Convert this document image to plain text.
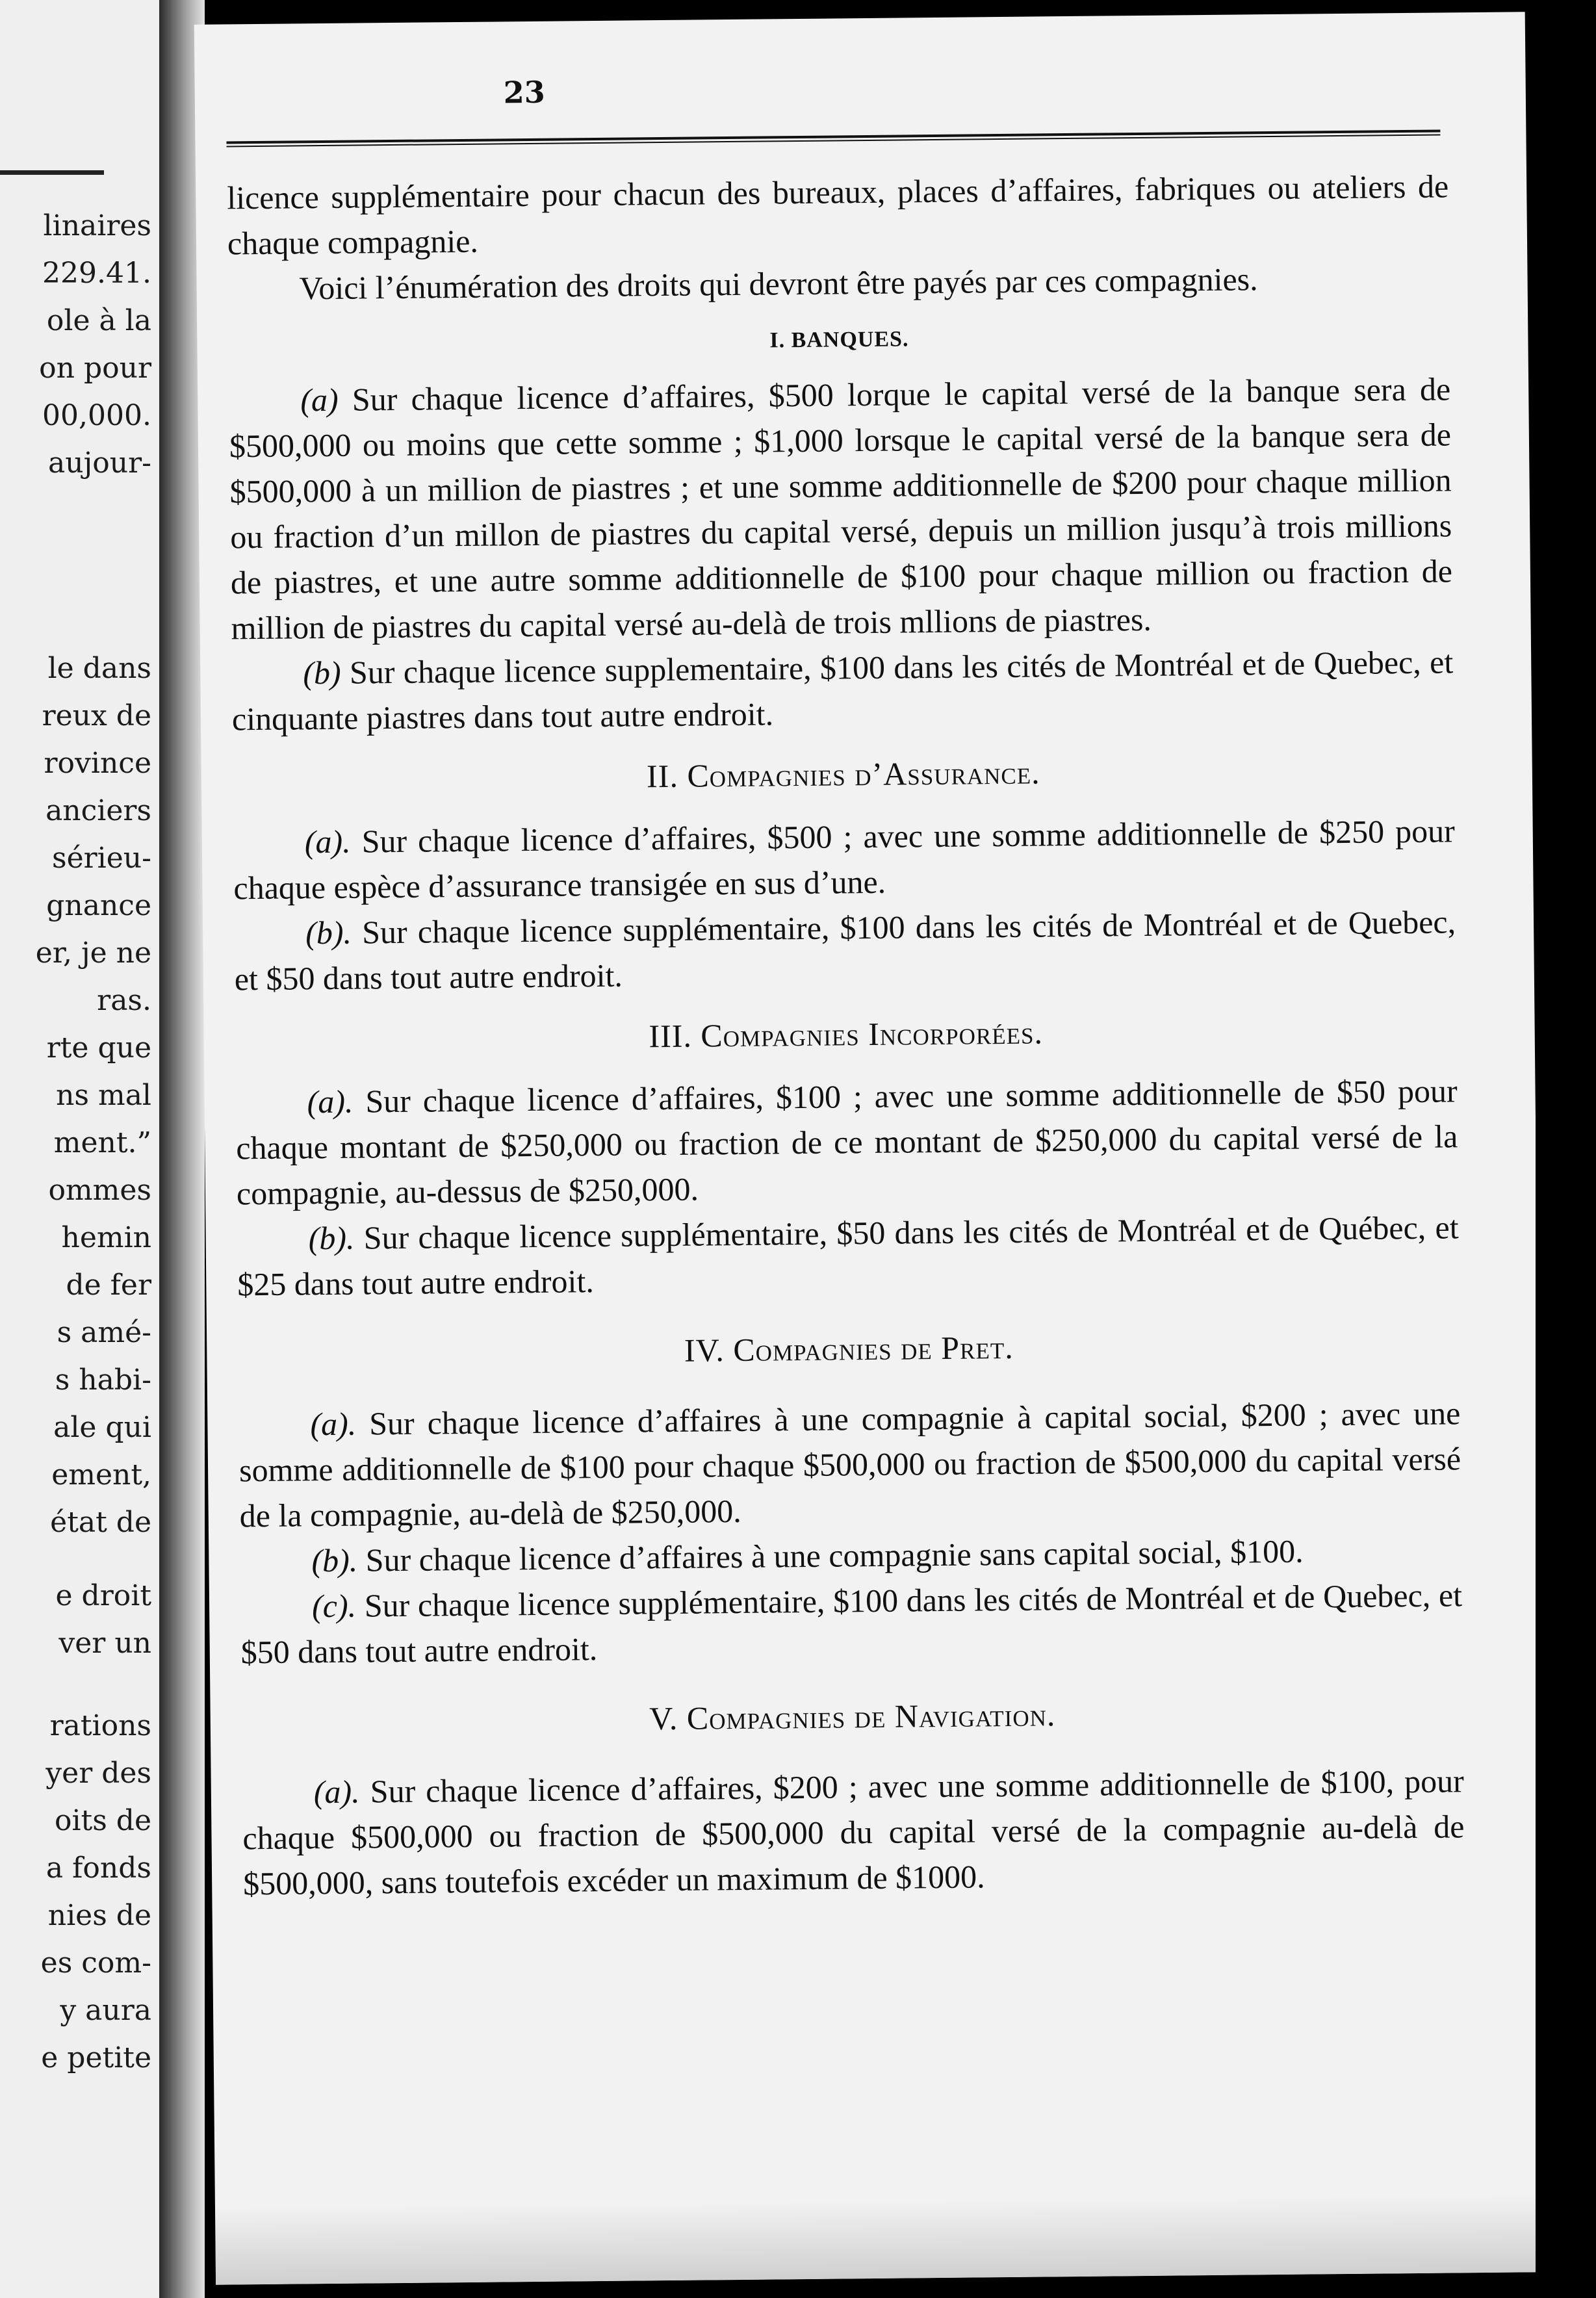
linaires
229.41.
ole à la
on pour
00,000.
aujour-
le dans
reux de
rovince
anciers
sérieu-
gnance
er, je ne
ras.
rte que
ns mal
ment.”
ommes
hemin
de fer
s amé-
s habi-
ale qui
ement,
état de
e droit
ver un
rations
yer des
oits de
a fonds
nies de
es com-
y aura
e petite
23

licence supplémentaire pour chacun des bureaux, places d’affaires, fabriques ou ateliers de chaque compagnie.

Voici l’énumération des droits qui devront être payés par ces compagnies.

I. BANQUES.

(a) Sur chaque licence d’affaires, $500 lorque le capital versé de la banque sera de $500,000 ou moins que cette somme ; $1,000 lorsque le capital versé de la banque sera de $500,000 à un million de piastres ; et une somme additionnelle de $200 pour chaque million ou fraction d’un millon de piastres du capital versé, depuis un million jusqu’à trois millions de piastres, et une autre somme additionnelle de $100 pour chaque million ou fraction de million de piastres du capital versé au-delà de trois mllions de piastres.

(b) Sur chaque licence supplementaire, $100 dans les cités de Montréal et de Quebec, et cinquante piastres dans tout autre endroit.

II. Compagnies d’Assurance.

(a). Sur chaque licence d’affaires, $500 ; avec une somme additionnelle de $250 pour chaque espèce d’assurance transigée en sus d’une.

(b). Sur chaque licence supplémentaire, $100 dans les cités de Montréal et de Quebec, et $50 dans tout autre endroit.

III. Compagnies Incorporées.

(a). Sur chaque licence d’affaires, $100 ; avec une somme additionnelle de $50 pour chaque montant de $250,000 ou fraction de ce montant de $250,000 du capital versé de la compagnie, au-dessus de $250,000.

(b). Sur chaque licence supplémentaire, $50 dans les cités de Montréal et de Québec, et $25 dans tout autre endroit.

IV. Compagnies de Pret.

(a). Sur chaque licence d’affaires à une compagnie à capital social, $200 ; avec une somme additionnelle de $100 pour chaque $500,000 ou fraction de $500,000 du capital versé de la compagnie, au-delà de $250,000.

(b). Sur chaque licence d’affaires à une compagnie sans capital social, $100.

(c). Sur chaque licence supplémentaire, $100 dans les cités de Montréal et de Quebec, et $50 dans tout autre endroit.

V. Compagnies de Navigation.

(a). Sur chaque licence d’affaires, $200 ; avec une somme additionnelle de $100, pour chaque $500,000 ou fraction de $500,000 du capital versé de la compagnie au-delà de $500,000, sans toutefois excéder un maximum de $1000.
